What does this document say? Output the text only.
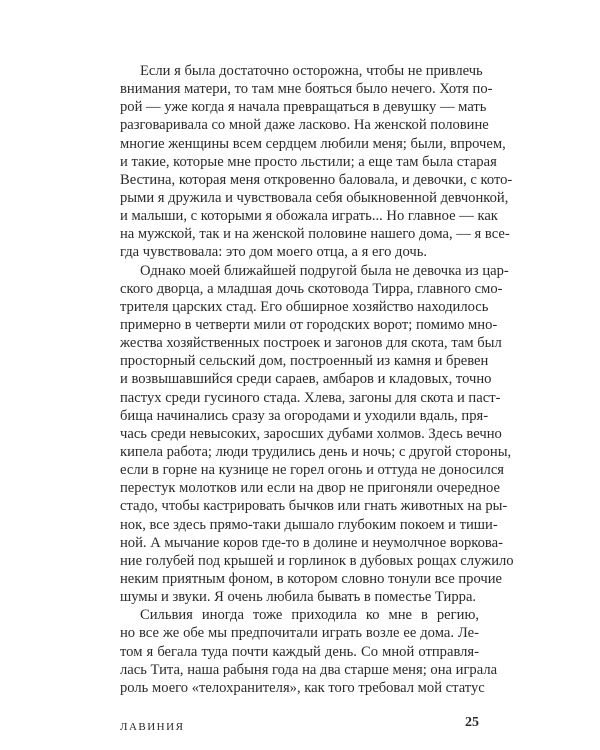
Если я была достаточно осторожна, чтобы не привлечь
внимания матери, то там мне бояться было нечего. Хотя по-
рой — уже когда я начала превращаться в девушку — мать
разговаривала со мной даже ласково. На женской половине
многие женщины всем сердцем любили меня; были, впрочем,
и такие, которые мне просто льстили; а еще там была старая
Вестина, которая меня откровенно баловала, и девочки, с кото-
рыми я дружила и чувствовала себя обыкновенной девчонкой,
и малыши, с которыми я обожала играть... Но главное — как
на мужской, так и на женской половине нашего дома, — я все-
гда чувствовала: это дом моего отца, а я его дочь.
Однако моей ближайшей подругой была не девочка из цар-
ского дворца, а младшая дочь скотовода Тирра, главного смо-
трителя царских стад. Его обширное хозяйство находилось
примерно в четверти мили от городских ворот; помимо мно-
жества хозяйственных построек и загонов для скота, там был
просторный сельский дом, построенный из камня и бревен
и возвышавшийся среди сараев, амбаров и кладовых, точно
пастух среди гусиного стада. Хлева, загоны для скота и паст-
бища начинались сразу за огородами и уходили вдаль, пря-
чась среди невысоких, заросших дубами холмов. Здесь вечно
кипела работа; люди трудились день и ночь; с другой стороны,
если в горне на кузнице не горел огонь и оттуда не доносился
перестук молотков или если на двор не пригоняли очередное
стадо, чтобы кастрировать бычков или гнать животных на ры-
нок, все здесь прямо-таки дышало глубоким покоем и тиши-
ной. А мычание коров где-то в долине и неумолчное воркова-
ние голубей под крышей и горлинок в дубовых рощах служило
неким приятным фоном, в котором словно тонули все прочие
шумы и звуки. Я очень любила бывать в поместье Тирра.
Сильвия иногда тоже приходила ко мне в регию,
но все же обе мы предпочитали играть возле ее дома. Ле-
том я бегала туда почти каждый день. Со мной отправля-
лась Тита, наша рабыня года на два старше меня; она играла
роль моего «телохранителя», как того требовал мой статус
ЛАВИНИЯ	25
